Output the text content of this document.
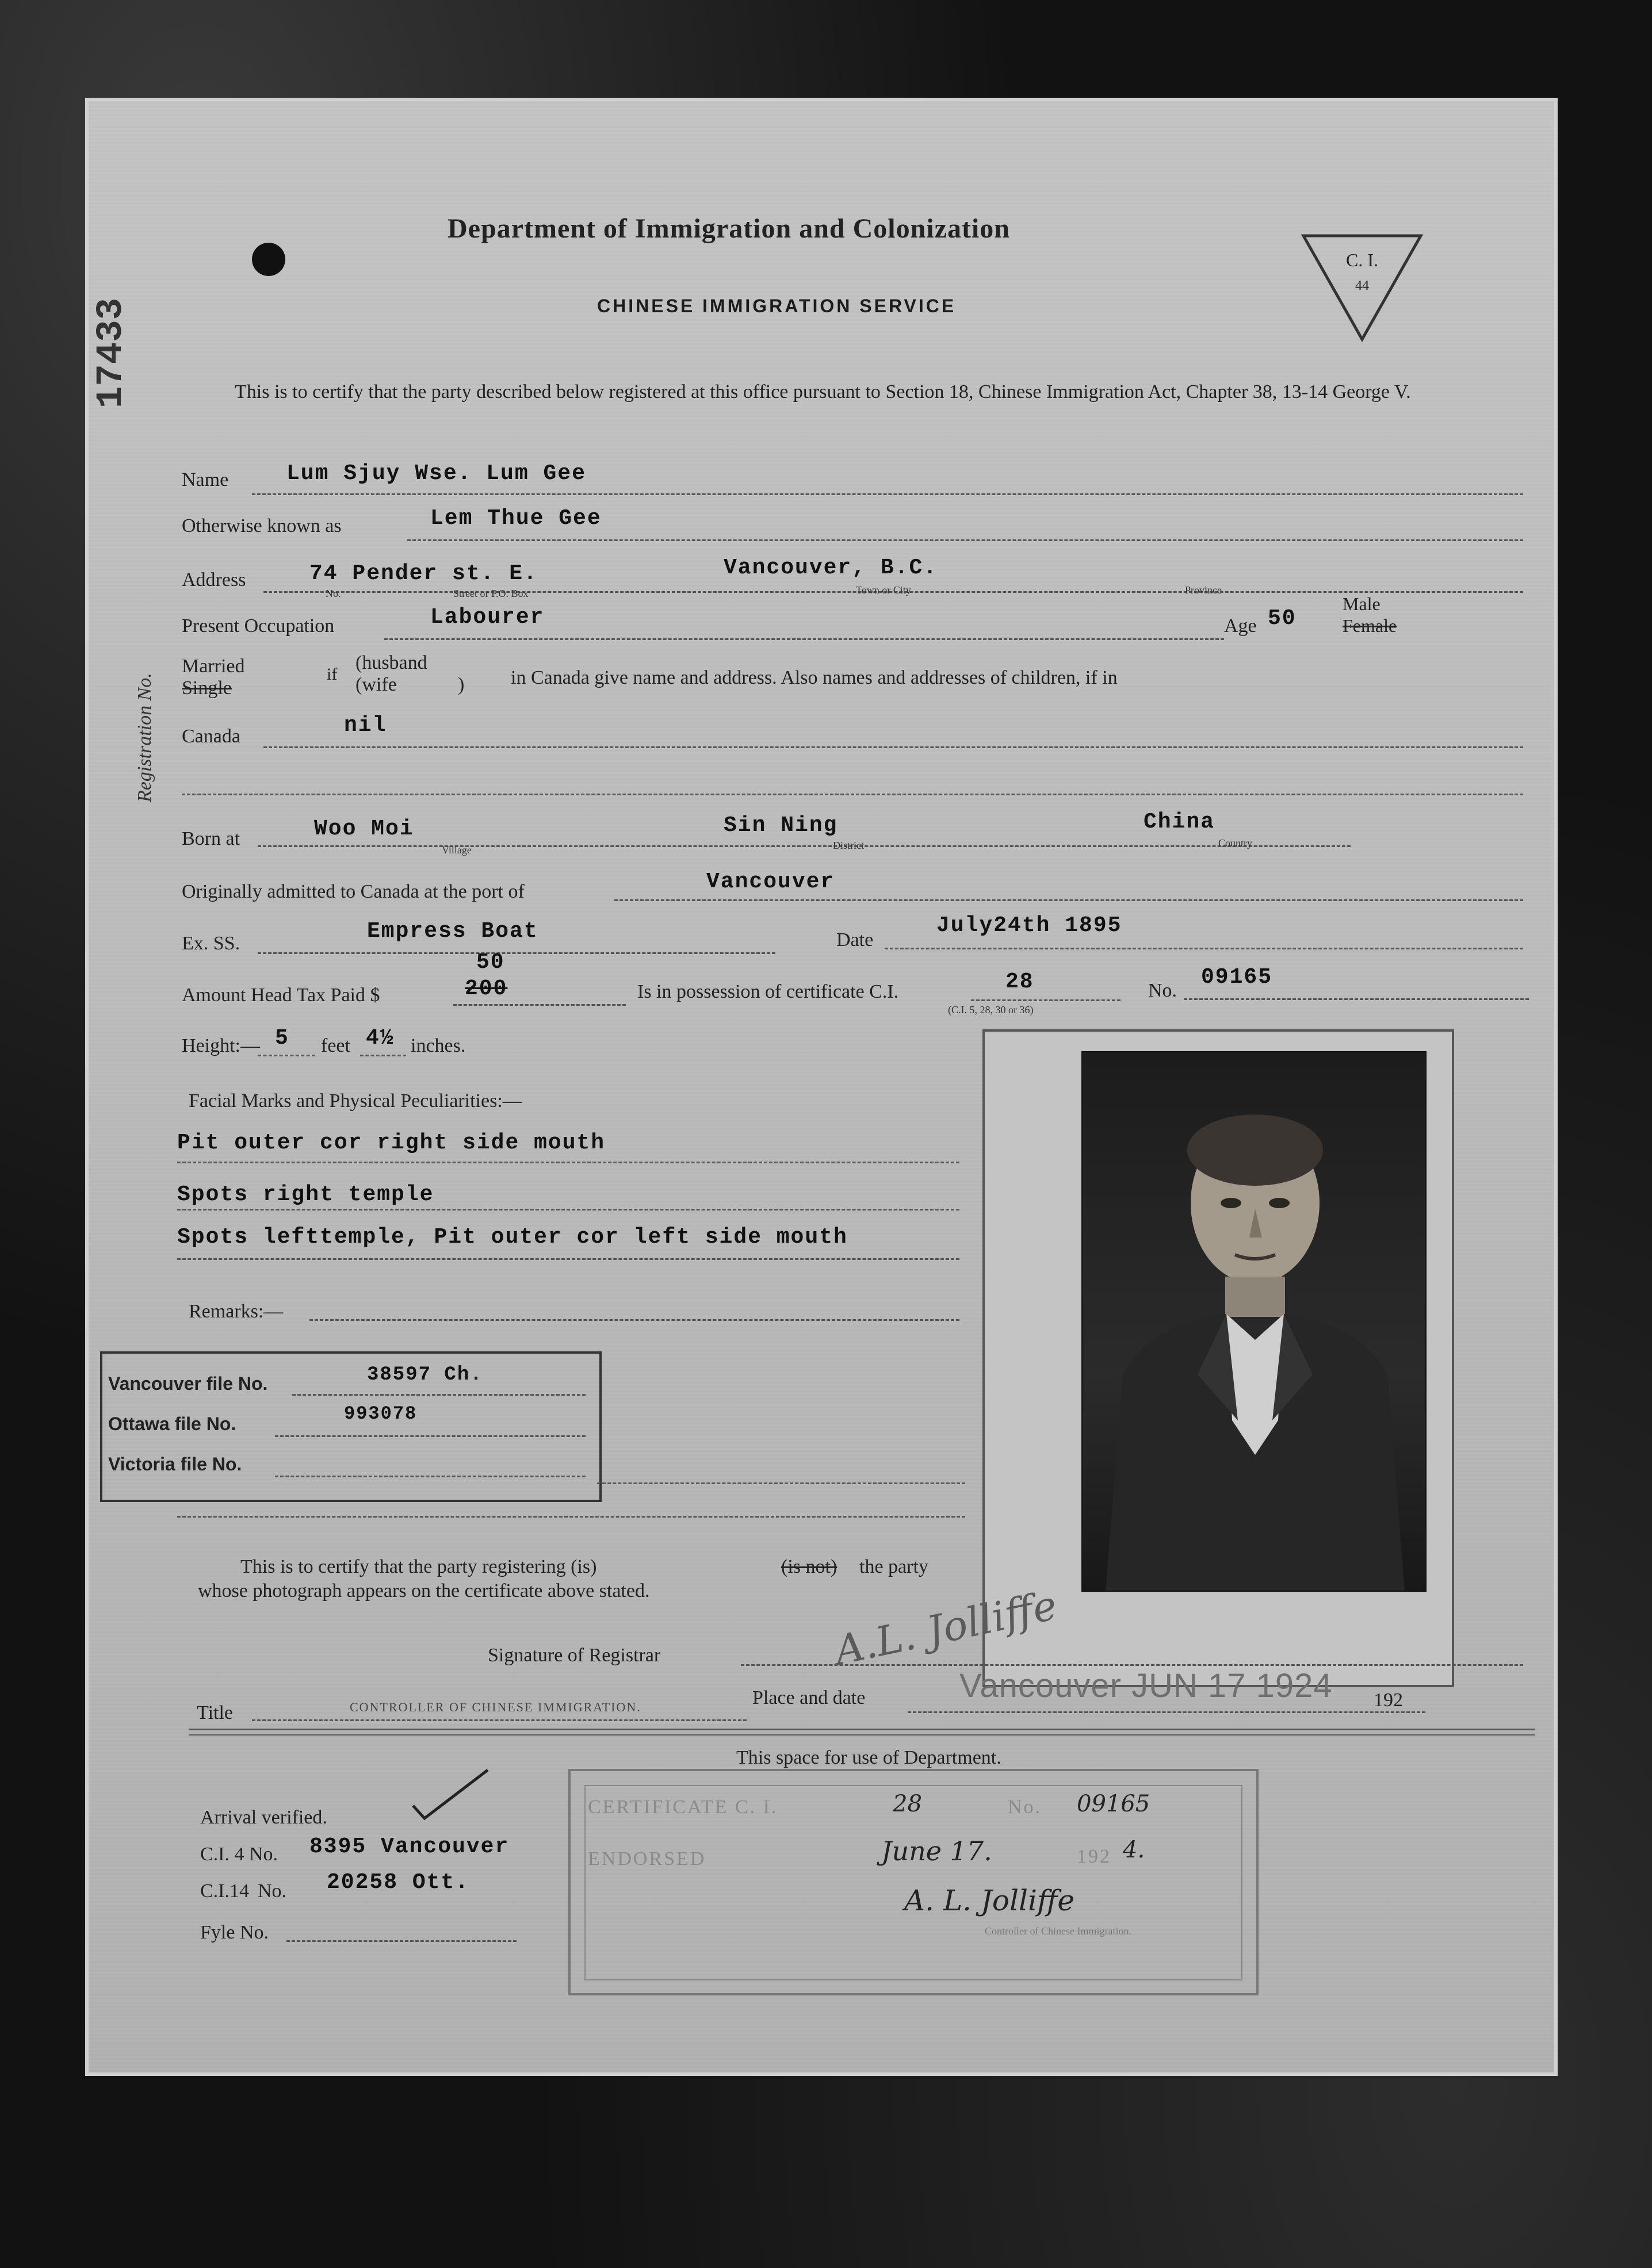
Department of Immigration and Colonization
CHINESE IMMIGRATION SERVICE
C. I.
44
17433
Registration No.
This is to certify that the party described below registered at this office pursuant to Section 18, Chinese Immigration Act, Chapter 38, 13-14 George V.
Name	Lum Sjuy Wse. Lum Gee
Otherwise known as	Lem Thue Gee
Address	74 Pender st. E.	Vancouver, B.C.
No.	Street or P.O. Box	Town or City	Province
Present Occupation	Labourer	Age 50
Male
Female
Married
Single
if
(husband
(wife	) in Canada give name and address. Also names and addresses of children, if in
Canada	nil
Born at	Woo Moi	Sin Ning	China
Village	District	Country
Originally admitted to Canada at the port of	Vancouver
Ex. SS.	Empress Boat	Date
July24th 1895
Amount Head Tax Paid $
50
200	Is in possession of certificate C.I.	28	No.
09165
(C.I. 5, 28, 30 or 36)
Height:— 5 feet 4½ inches.
Facial Marks and Physical Peculiarities:—
Pit outer cor right side mouth
Spots right temple
Spots lefttemple, Pit outer cor left side mouth
Remarks:—
Vancouver file No.	38597 Ch.
Ottawa file No.	993078
Victoria file No.
This is to certify that the party registering (is)	(is not) the party
whose photograph appears on the certificate above stated.
Signature of Registrar	A.L. Jolliffe
Title	CONTROLLER OF CHINESE IMMIGRATION.	Place and date	Vancouver JUN 17 1924 192
This space for use of Department.
Arrival verified.
C.I. 4 No. 8395 Vancouver
C.I.14 No. 20258 Ott.
Fyle No.
CERTIFICATE C. I.	28	No. 09165
ENDORSED	June 17.	192 4.
A. L. Jolliffe
Controller of Chinese Immigration.
